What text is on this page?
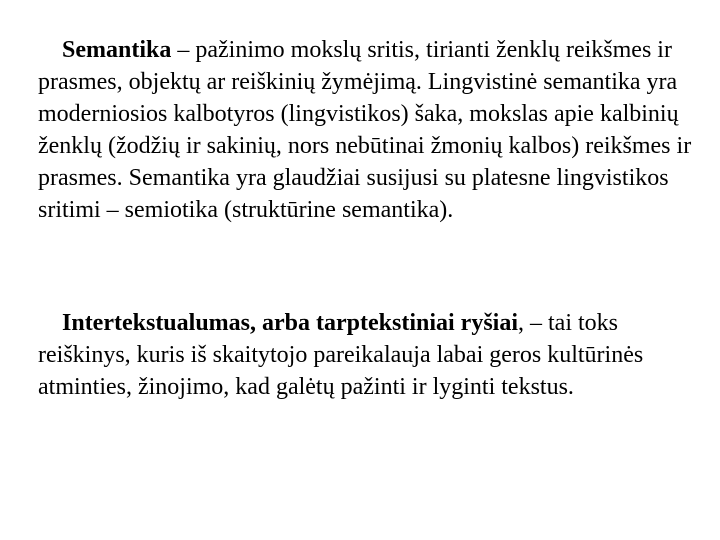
Semantika – pažinimo mokslų sritis, tirianti ženklų reikšmes ir prasmes, objektų ar reiškinių žymėjimą. Lingvistinė semantika yra moderniosios kalbotyros (lingvistikos) šaka, mokslas apie kalbinių ženklų (žodžių ir sakinių, nors nebūtinai žmonių kalbos) reikšmes ir prasmes. Semantika yra glaudžiai susijusi su platesne lingvistikos sritimi – semiotika (struktūrine semantika).

Intertekstualumas, arba tarptekstiniai ryšiai, – tai toks reiškinys, kuris iš skaitytojo pareikalauja labai geros kultūrinės atminties, žinojimo, kad galėtų pažinti ir lyginti tekstus.
